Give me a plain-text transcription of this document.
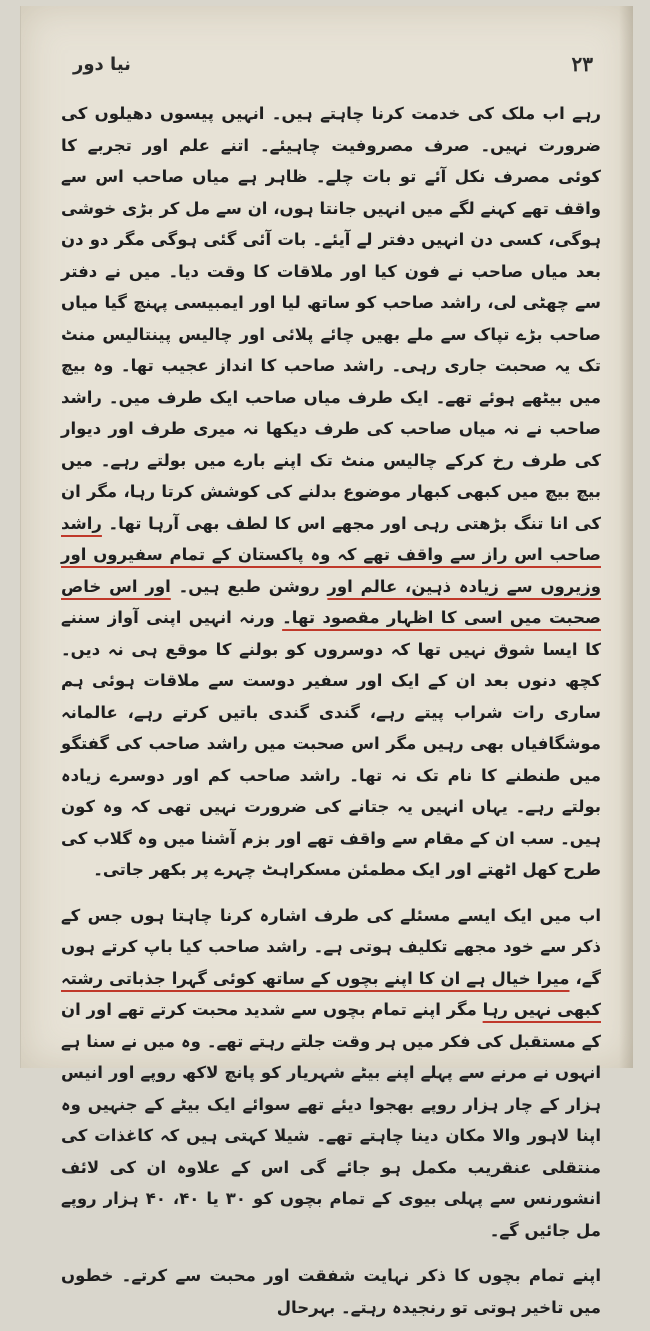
نیا دور	٢٣

رہے اب ملک کی خدمت کرنا چاہتے ہیں۔ انہیں پیسوں دھیلوں کی ضرورت نہیں۔ صرف مصروفیت چاہیئے۔ اتنے علم اور تجربے کا کوئی مصرف نکل آئے تو بات چلے۔ ظاہر ہے میاں صاحب اس سے واقف تھے کہنے لگے میں انہیں جانتا ہوں، ان سے مل کر بڑی خوشی ہوگی، کسی دن انہیں دفتر لے آیئے۔ بات آئی گئی ہوگی مگر دو دن بعد میاں صاحب نے فون کیا اور ملاقات کا وقت دیا۔ میں نے دفتر سے چھٹی لی، راشد صاحب کو ساتھ لیا اور ایمبیسی پہنچ گیا میاں صاحب بڑے تپاک سے ملے بھیں چائے پلائی اور چالیس پینتالیس منٹ تک یہ صحبت جاری رہی۔ راشد صاحب کا انداز عجیب تھا۔ وہ بیچ میں بیٹھے ہوئے تھے۔ ایک طرف میاں صاحب ایک طرف میں۔ راشد صاحب نے نہ میاں صاحب کی طرف دیکھا نہ میری طرف اور دیوار کی طرف رخ کرکے چالیس منٹ تک اپنے بارے میں بولتے رہے۔ میں بیچ بیچ میں کبھی کبھار موضوع بدلنے کی کوشش کرتا رہا، مگر ان کی انا تنگ بڑھتی رہی اور مجھے اس کا لطف بھی آرہا تھا۔ راشد صاحب اس راز سے واقف تھے کہ وہ پاکستان کے تمام سفیروں اور وزیروں سے زیادہ ذہین، عالم اور روشن طبع ہیں۔ اور اس خاص صحبت میں اسی کا اظہار مقصود تھا۔ ورنہ انہیں اپنی آواز سننے کا ایسا شوق نہیں تھا کہ دوسروں کو بولنے کا موقع ہی نہ دیں۔ کچھ دنوں بعد ان کے ایک اور سفیر دوست سے ملاقات ہوئی ہم ساری رات شراب پیتے رہے، گندی گندی باتیں کرتے رہے، عالمانہ موشگافیاں بھی رہیں مگر اس صحبت میں راشد صاحب کی گفتگو میں طنطنے کا نام تک نہ تھا۔ راشد صاحب کم اور دوسرے زیادہ بولتے رہے۔ یہاں انہیں یہ جتانے کی ضرورت نہیں تھی کہ وہ کون ہیں۔ سب ان کے مقام سے واقف تھے اور بزم آشنا میں وہ گلاب کی طرح کھل اٹھتے اور ایک مطمئن مسکراہٹ چہرے پر بکھر جاتی۔

اب میں ایک ایسے مسئلے کی طرف اشارہ کرنا چاہتا ہوں جس کے ذکر سے خود مجھے تکلیف ہوتی ہے۔ راشد صاحب کیا باپ کرتے ہوں گے، میرا خیال ہے ان کا اپنے بچوں کے ساتھ کوئی گہرا جذباتی رشتہ کبھی نہیں رہا مگر اپنے تمام بچوں سے شدید محبت کرتے تھے اور ان کے مستقبل کی فکر میں ہر وقت جلتے رہتے تھے۔ وہ میں نے سنا ہے انہوں نے مرنے سے پہلے اپنے بیٹے شہریار کو پانچ لاکھ روپے اور انیس ہزار کے چار ہزار روپے بھجوا دیئے تھے سوائے ایک بیٹے کے جنہیں وہ اپنا لاہور والا مکان دینا چاہتے تھے۔ شیلا کہتی ہیں کہ کاغذات کی منتقلی عنقریب مکمل ہو جائے گی اس کے علاوہ ان کی لائف انشورنس سے پہلی بیوی کے تمام بچوں کو ۳۰ یا ۴۰، ۴۰ ہزار روپے مل جائیں گے۔

اپنے تمام بچوں کا ذکر نہایت شفقت اور محبت سے کرتے۔ خطوں میں تاخیر ہوتی تو رنجیدہ رہتے۔ بہرحال
